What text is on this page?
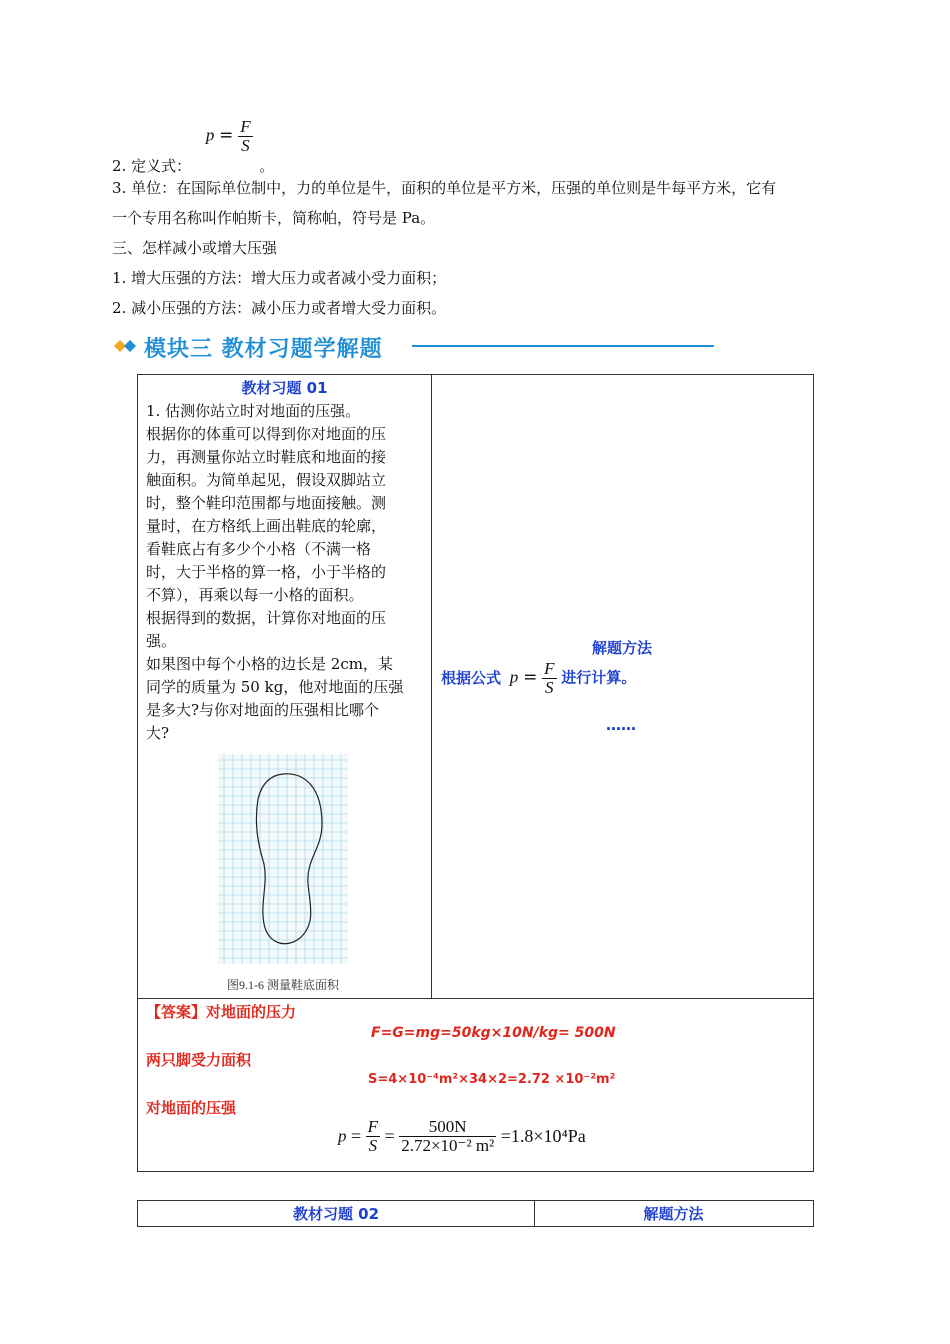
2. 定义式： $p = \frac{F}{S}$
。
3. 单位：在国际单位制中，力的单位是牛，面积的单位是平方米，压强的单位则是牛每平方米，它有
一个专用名称叫作帕斯卡，简称帕，符号是 Pa。
三、怎样减小或增大压强
1. 增大压强的方法：增大压力或者减小受力面积；
2. 减小压强的方法：减小压力或者增大受力面积。
模块三 教材习题学解题
教材习题 01
1. 估测你站立时对地面的压强。
根据你的体重可以得到你对地面的压
力，再测量你站立时鞋底和地面的接
触面积。为简单起见，假设双脚站立
时，整个鞋印范围都与地面接触。测
量时，在方格纸上画出鞋底的轮廓，
看鞋底占有多少个小格（不满一格
时，大于半格的算一格，小于半格的
不算），再乘以每一小格的面积。
根据得到的数据，计算你对地面的压
强。
如果图中每个小格的边长是 2cm，某
同学的质量为 50 kg，他对地面的压强
是多大?与你对地面的压强相比哪个
大?
图9.1-6 测量鞋底面积
解题方法
根据公式 $p = \frac{F}{S}$ 进行计算。
……
【答案】对地面的压力
F=G=mg=50kg×10N/kg= 500N
两只脚受力面积
S=4×10⁻⁴m²×34×2=2.72 ×10⁻²m²
对地面的压强
$p = \frac{F}{S} = \frac{500N}{\text{2.72×10⁻² m²}} =1.8\times 10^4Pa$
教材习题 02	解题方法
